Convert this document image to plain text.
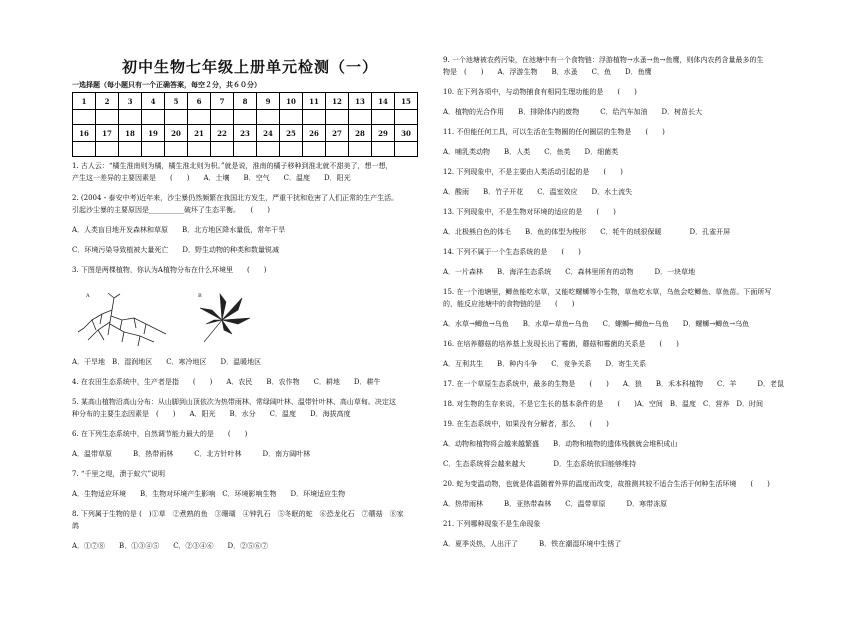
初中生物七年级上册单元检测（一）
一选择题（每小题只有一个正确答案，每空２分，共６０分）
1	2	3	4	5	6	7	8	9	10	11	12	13	14	15

16	17	18	19	20	21	22	23	24	25	26	27	28	29	30

1. 古人云：“橘生淮南则为橘，橘生淮北则为枳。”就是说，淮南的橘子移种到淮北就不甜美了，想一想，
产生这一差异的主要因素是　　(　　)　　A．土壤　　B．空气　　C．温度　　D．阳光
2. (2004・泰安中考)近年来，沙尘暴仍然频繁在我国北方发生，严重干扰和危害了人们正常的生产生活。
引起沙尘暴的主要原因是__________破坏了生态平衡。　　(　　)
A．人类盲目地开发森林和草原　　B．北方地区降水量低，常年干旱
C．环境污染导致植被大量死亡　　D．野生动物的种类和数量锐减
3. 下图是两棵植物，你认为A植物分布在什么环境里　　(　　)
A	B
A．干旱地　B．湿润地区　　C．寒冷地区　　D．温暖地区
4. 在农田生态系统中，生产者是指　　(　　)　　A．农民　　B．农作物　　C．耕地　　D．耕牛
5. 某高山植物沿高山分布：从山脚到山顶依次为热带雨林、常绿阔叶林、温带针叶林、高山草甸。决定这
种分布的主要生态因素是　(　　)　　A．阳光　　B．水分　　C．温度　　D．海拔高度
6. 在下列生态系统中，自然调节能力最大的是　　(　　)
A．温带草原　　　B．热带雨林　　　C．北方针叶林　　　D．南方阔叶林
7. “千里之堤，溃于蚁穴”说明
A．生物适应环境　　B．生物对环境产生影响　C．环境影响生物　　D．环境适应生物
8. 下列属于生物的是 (　)①草　②煮熟的鱼　③珊瑚　④钟乳石　⑤冬眠的蛇　⑥恐龙化石　⑦蘑菇　⑧家
鸽
A．①⑦⑧　　B．①③④⑤　　C．②③④⑥　　D．②⑤⑥⑦
9. 一个池塘被农药污染，在池塘中有一个食物链：浮游植物→水蚤→鱼→鱼鹰，则体内农药含量最多的生
物是　(　　)　　A．浮游生物　　B．水蚤　　C．鱼　　D．鱼鹰
10. 在下列各项中，与动物捕食有相同生理功能的是　　(　　)
A．植物的光合作用　　B．排除体内的废物　　　C．给汽车加油　　D．树苗长大
11. 不但能任何工具，可以生活在生物圈的任何圈层的生物是　　(　　)
A．哺乳类动物　　B．人类　　C．鱼类　　D．细菌类
12. 下列现象中，不是主要由人类活动引起的是　　(　　)
A．酸雨　　B．竹子开花　　C．温室效应　　D．水土流失
13. 下列现象中，不是生物对环境的适应的是　　(　　)
A．北极熊白色的体毛　　B．鱼的体型为梭形　　C．牦牛的绒很保暖　　　　D．孔雀开屏
14. 下列不属于一个生态系统的是　　(　　)
A．一片森林　　B．海洋生态系统　　C．森林里所有的动物　　　D．一块草地
15. 在一个池塘里，鲫鱼能吃水草，又能吃螺蛳等小生物，草鱼吃水草，乌鱼会吃鲫鱼、草鱼苗。下面所写
的，能反应池塘中的食物链的是　　(　　)
A．水草→鲫鱼→乌鱼　　B．水草←草鱼←乌鱼　　C．螺蛳←鲫鱼←乌鱼　　D．螺蛳→鲫鱼→乌鱼
16. 在培养蘑菇的培养基上发现长出了霉菌，蘑菇和霉菌的关系是　　(　　)
A．互利共生　　B．种内斗争　　C．竞争关系　　D．寄生关系
17. 在一个草原生态系统中，最多的生物是　　(　　)　　A．狼　　B．禾本科植物　　C．羊　　　D．老鼠
18. 对生物的生存来说，不是它生长的基本条件的是　　(　　)A．空间　B．温度　C．营养　D．时间
19. 在生态系统中，如果没有分解者，那么　　(　　)
A．动物和植物将会越来越繁盛　　B．动物和植物的遗体残骸就会堆积成山
C．生态系统将会越来越大　　　　D．生态系统依旧能够维持
20. 蛇为变温动物，也就是体温随着外界的温度而改变，故推测其较不适合生活于何种生活环境　　(　　)
A．热带雨林　　　B．亚热带森林　　C．温带草原　　　D．寒带冻原
21. 下列哪种现象不是生命现象
A．夏季炎热，人出汗了　　　B．铁在潮湿环境中生锈了
